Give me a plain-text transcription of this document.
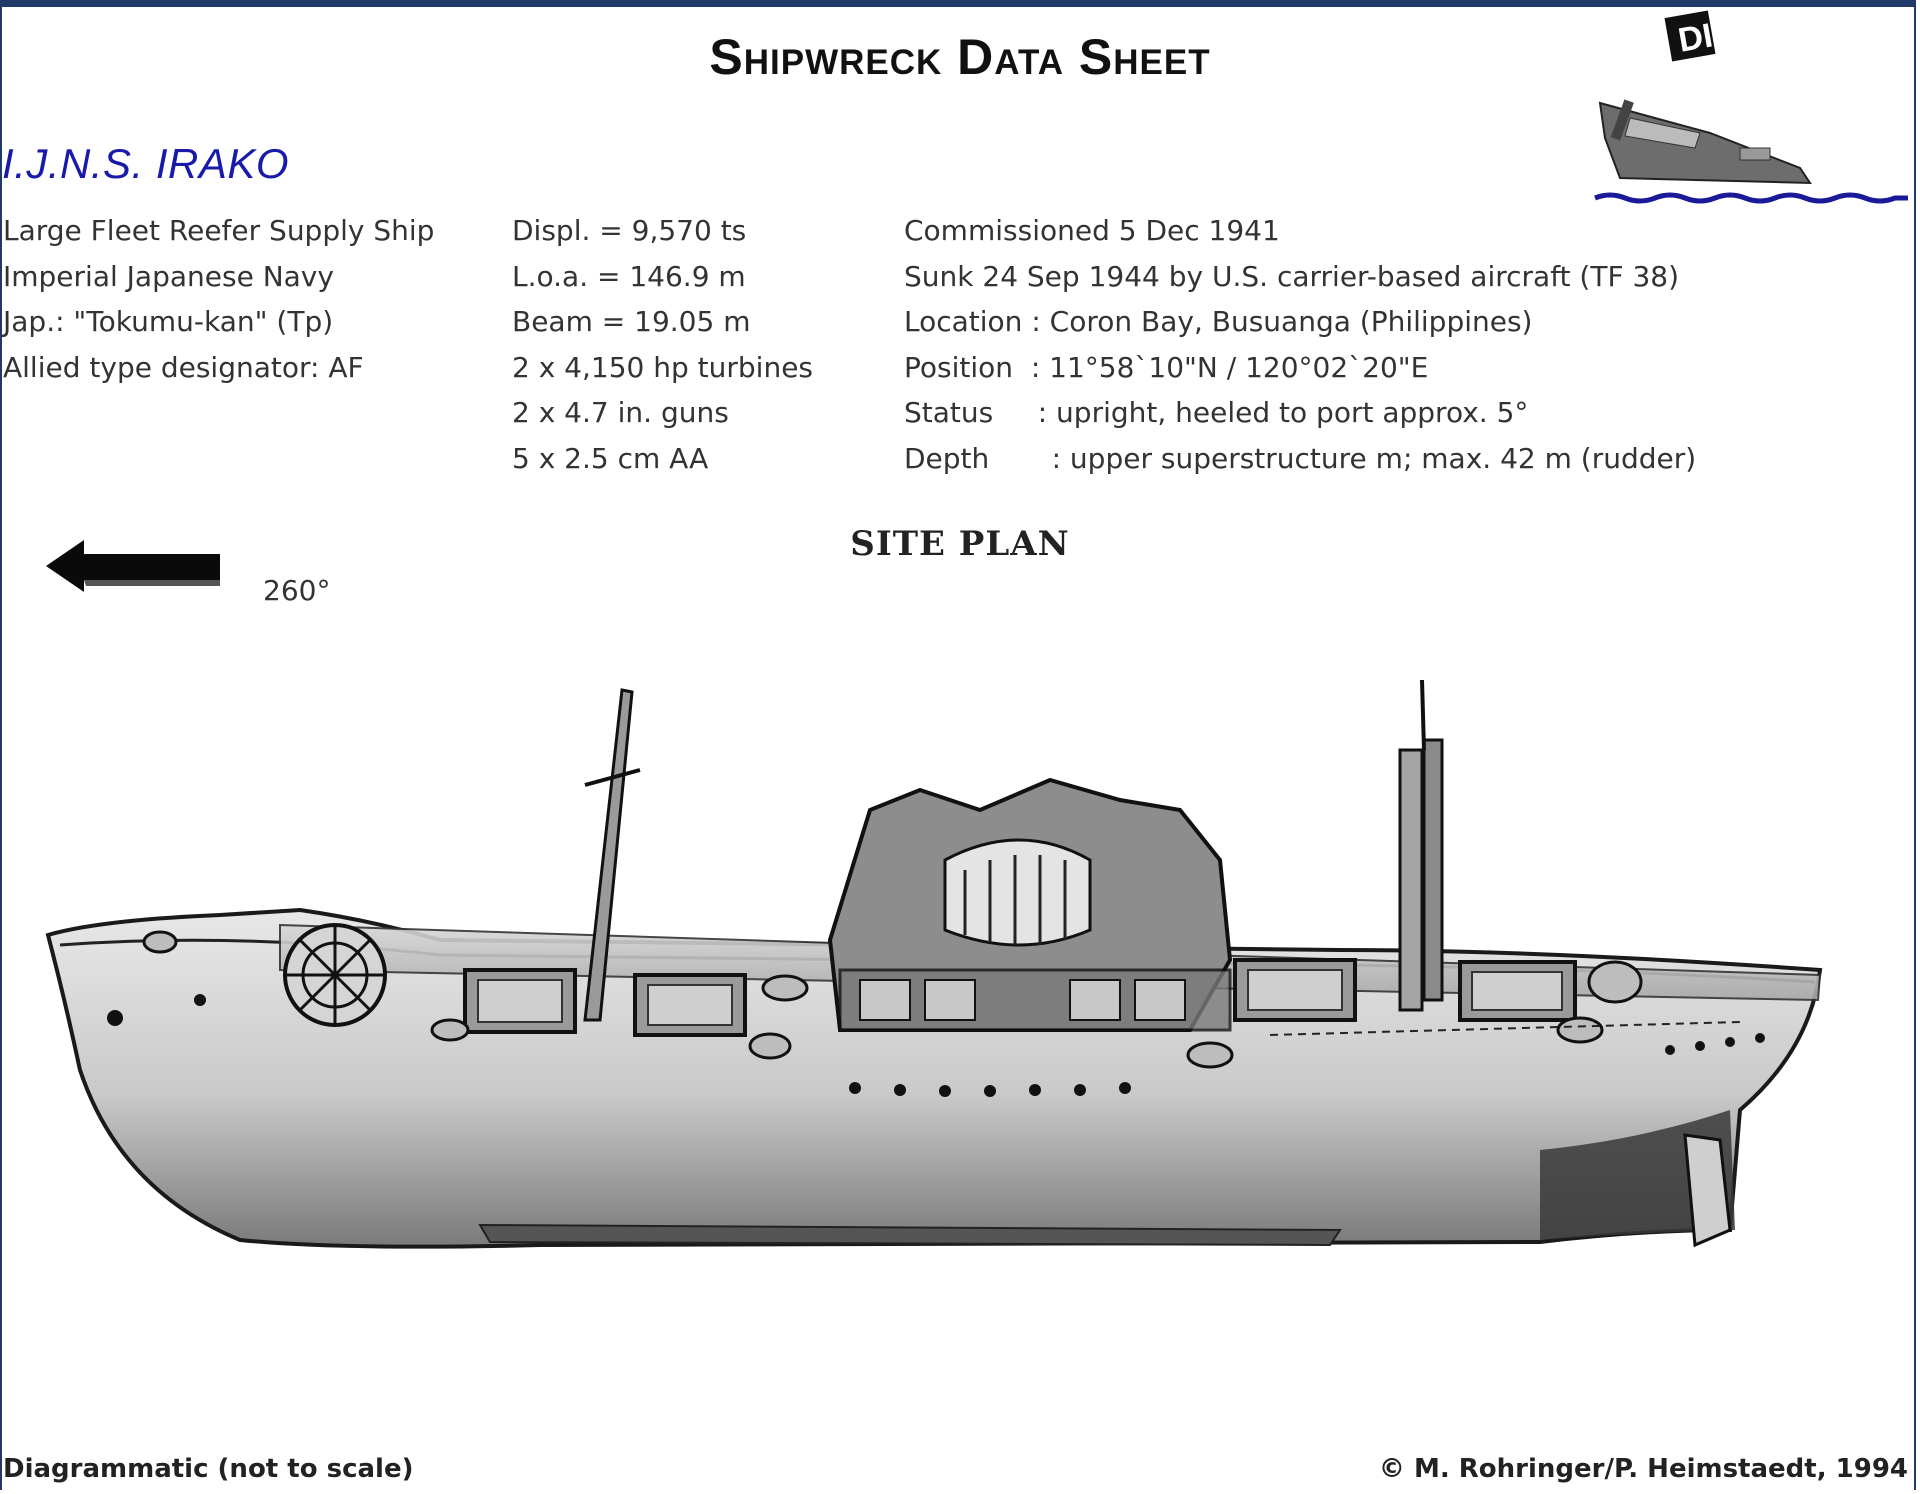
Shipwreck Data Sheet	DIVE
I.J.N.S. IRAKO
Large Fleet Reefer Supply Ship
Imperial Japanese Navy
Jap.: "Tokumu-kan" (Tp)
Allied type designator: AF
Displ. = 9,570 ts
L.o.a. = 146.9 m
Beam = 19.05 m
2 x 4,150 hp turbines
2 x 4.7 in. guns
5 x 2.5 cm AA
Commissioned 5 Dec 1941
Sunk 24 Sep 1944 by U.S. carrier-based aircraft (TF 38)
Location : Coron Bay, Busuanga (Philippines)
Position  : 11°58`10"N / 120°02`20"E
Status     : upright, heeled to port approx. 5°
Depth       : upper superstructure m; max. 42 m (rudder)
SITE PLAN
260°
Diagrammatic (not to scale)	© M. Rohringer/P. Heimstaedt, 1994
